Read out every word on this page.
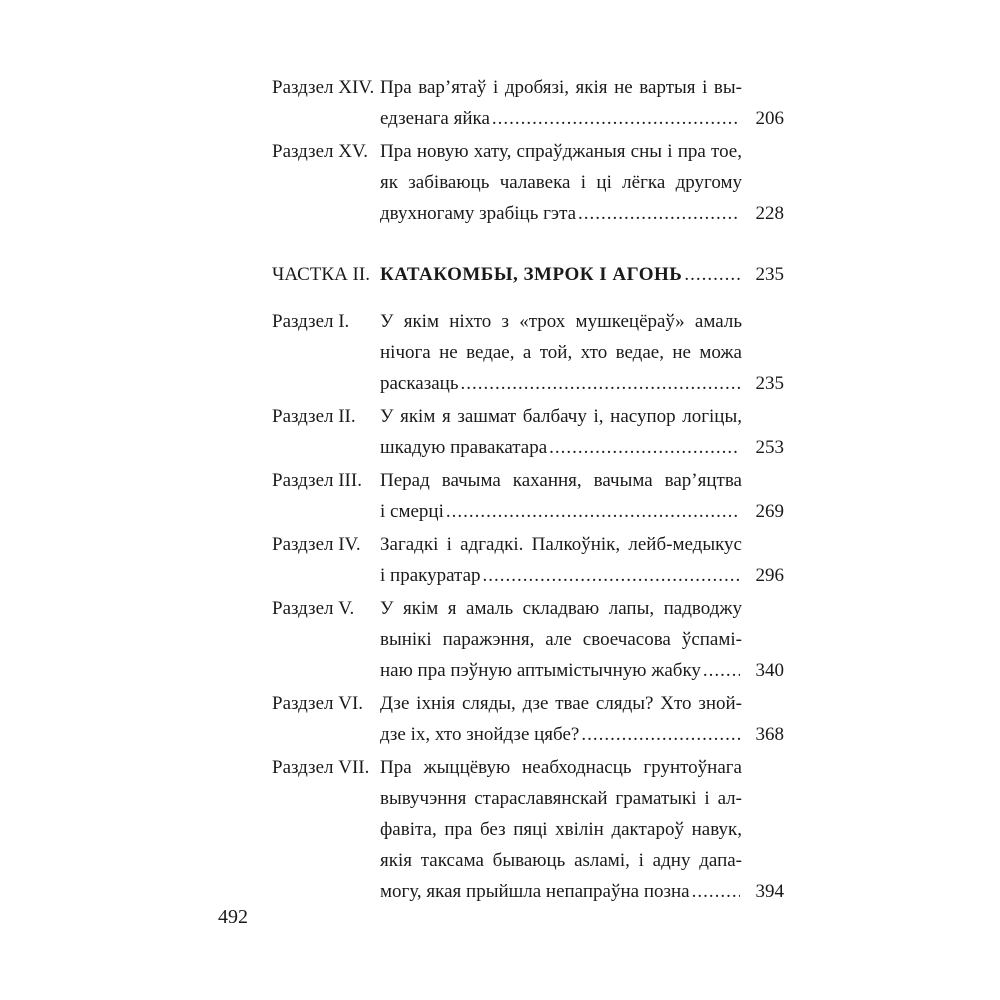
Раздзел XIV. Пра вар’ятаў і дробязі, якія не вартыя і вы-
едзенага яйка .....	206
Раздзел XV. Пра новую хату, спраўджаныя сны і пра тое,
як забіваюць чалавека і ці лёгка другому
двухногаму зрабіць гэта .....	228
ЧАСТКА II. КАТАКОМБЫ, ЗМРОК І АГОНЬ .....	235
Раздзел I.	У якім ніхто з «трох мушкецёраў» амаль
нічога не ведае, а той, хто ведае, не можа
расказаць .....	235
Раздзел II.	У якім я зашмат балбачу і, насупор логіцы,
шкадую правакатара .....	253
Раздзел III. Перад вачыма кахання, вачыма вар’яцтва
і смерці .....	269
Раздзел IV.	Загадкі і адгадкі. Палкоўнік, лейб-медыкус
і пракуратар .....	296
Раздзел V.	У якім я амаль складваю лапы, падводжу
вынікі паражэння, але своечасова ўспамі-
наю пра пэўную аптымістычную жабку .....	340
Раздзел VI. Дзе іхнія сляды, дзе твае сляды? Хто зной-
дзе іх, хто знойдзе цябе? .....	368
Раздзел VII. Пра жыццёвую неабходнасць грунтоўнага
вывучэння старaславянскай граматыкі і ал-
фавіта, пра без пяці хвілін дактароў навук,
якія таксама бываюць asламі, і адну дапа-
могу, якая прыйшла непапраўна позна .....	394
492
